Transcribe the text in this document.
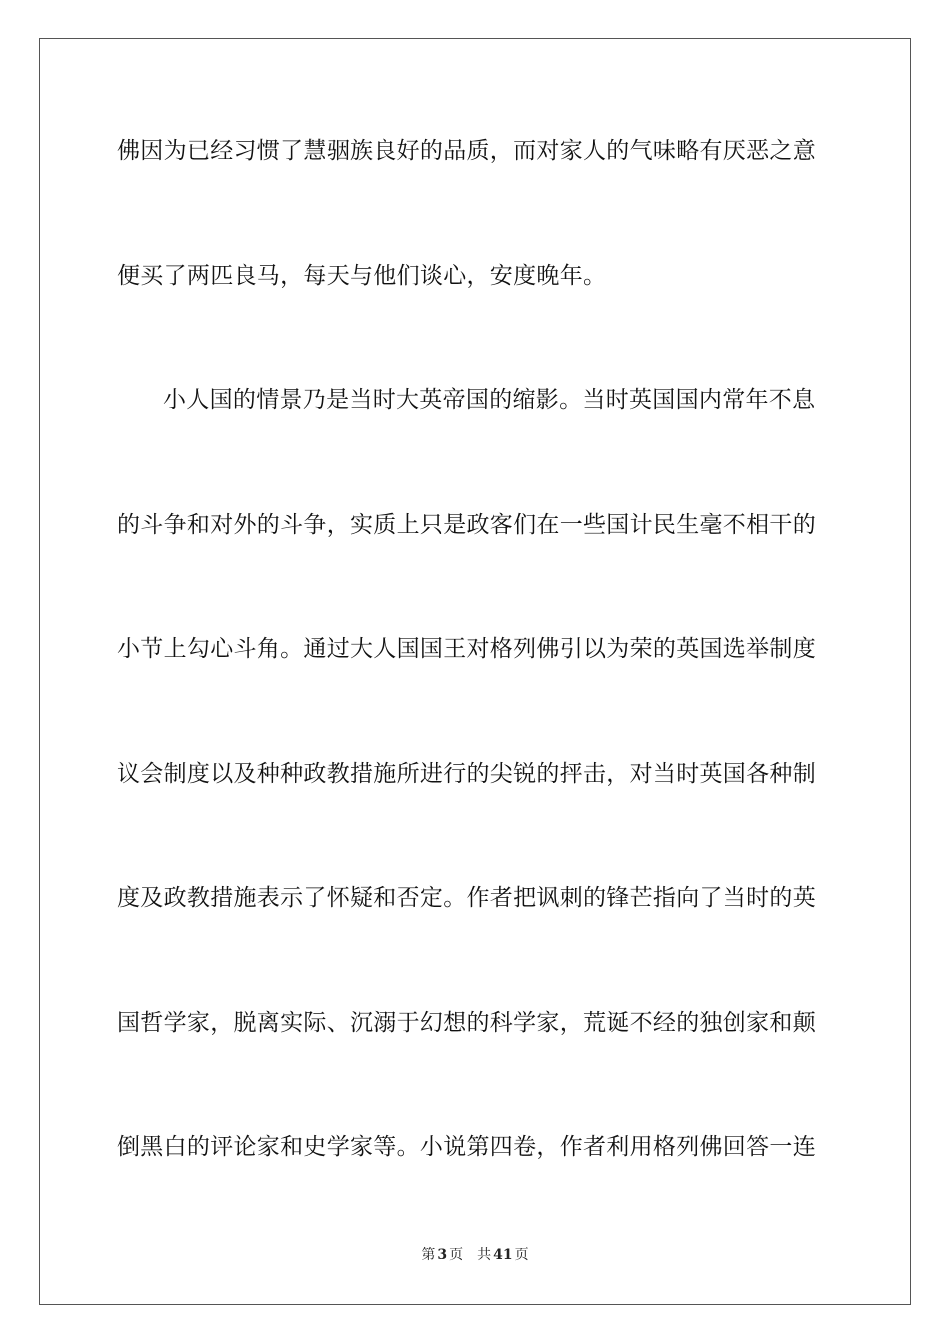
佛因为已经习惯了慧骃族良好的品质，而对家人的气味略有厌恶之意
便买了两匹良马，每天与他们谈心，安度晚年。
小人国的情景乃是当时大英帝国的缩影。当时英国国内常年不息
的斗争和对外的斗争，实质上只是政客们在一些国计民生毫不相干的
小节上勾心斗角。通过大人国国王对格列佛引以为荣的英国选举制度
议会制度以及种种政教措施所进行的尖锐的抨击，对当时英国各种制
度及政教措施表示了怀疑和否定。作者把讽刺的锋芒指向了当时的英
国哲学家，脱离实际、沉溺于幻想的科学家，荒诞不经的独创家和颠
倒黑白的评论家和史学家等。小说第四卷，作者利用格列佛回答一连
第 3 页 共 41 页
